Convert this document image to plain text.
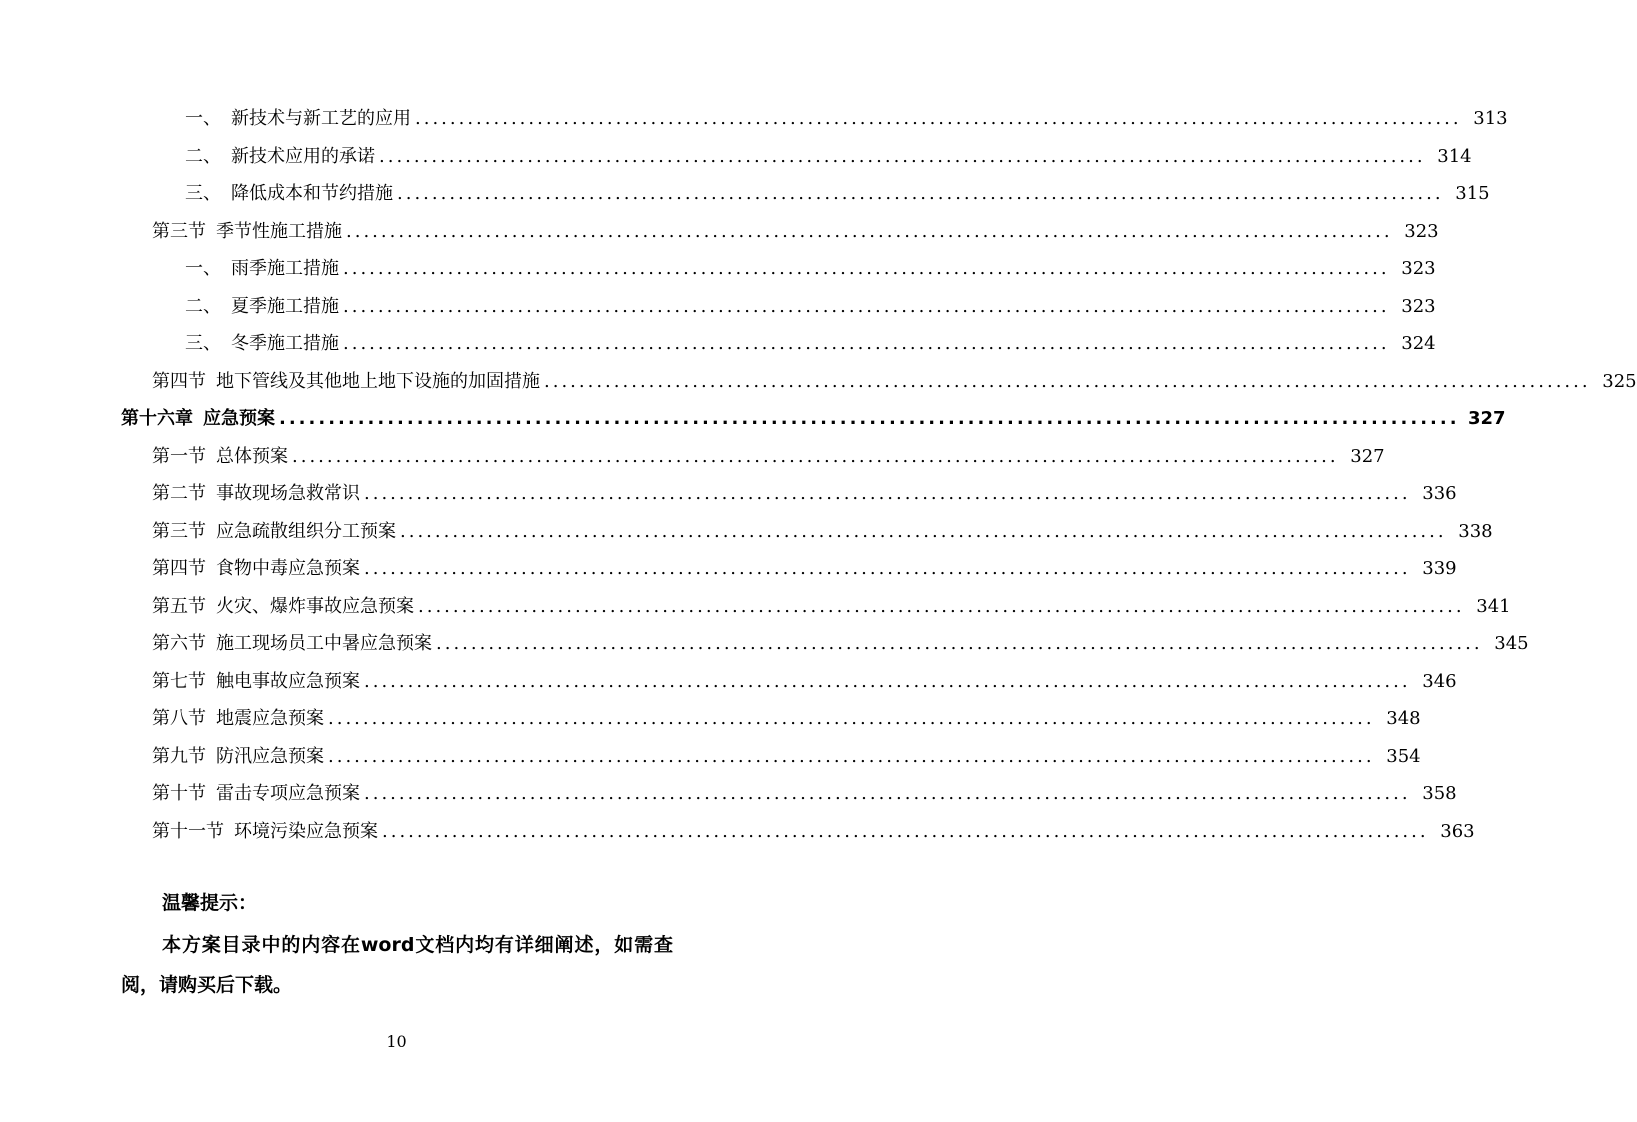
一、 新技术与新工艺的应用 ........................................................................................................................ 313
二、 新技术应用的承诺 ........................................................................................................................ 314
三、 降低成本和节约措施 ........................................................................................................................ 315
第三节 季节性施工措施 ........................................................................................................................ 323
一、 雨季施工措施 ........................................................................................................................ 323
二、 夏季施工措施 ........................................................................................................................ 323
三、 冬季施工措施 ........................................................................................................................ 324
第四节 地下管线及其他地上地下设施的加固措施 ........................................................................................................................ 325
第十六章 应急预案 ........................................................................................................................ 327
第一节 总体预案 ........................................................................................................................ 327
第二节 事故现场急救常识 ........................................................................................................................ 336
第三节 应急疏散组织分工预案 ........................................................................................................................ 338
第四节 食物中毒应急预案 ........................................................................................................................ 339
第五节 火灾、爆炸事故应急预案 ........................................................................................................................ 341
第六节 施工现场员工中暑应急预案 ........................................................................................................................ 345
第七节 触电事故应急预案 ........................................................................................................................ 346
第八节 地震应急预案 ........................................................................................................................ 348
第九节 防汛应急预案 ........................................................................................................................ 354
第十节 雷击专项应急预案 ........................................................................................................................ 358
第十一节 环境污染应急预案 ........................................................................................................................ 363
温馨提示：
本方案目录中的内容在word文档内均有详细阐述，如需查阅，请购买后下载。
10
